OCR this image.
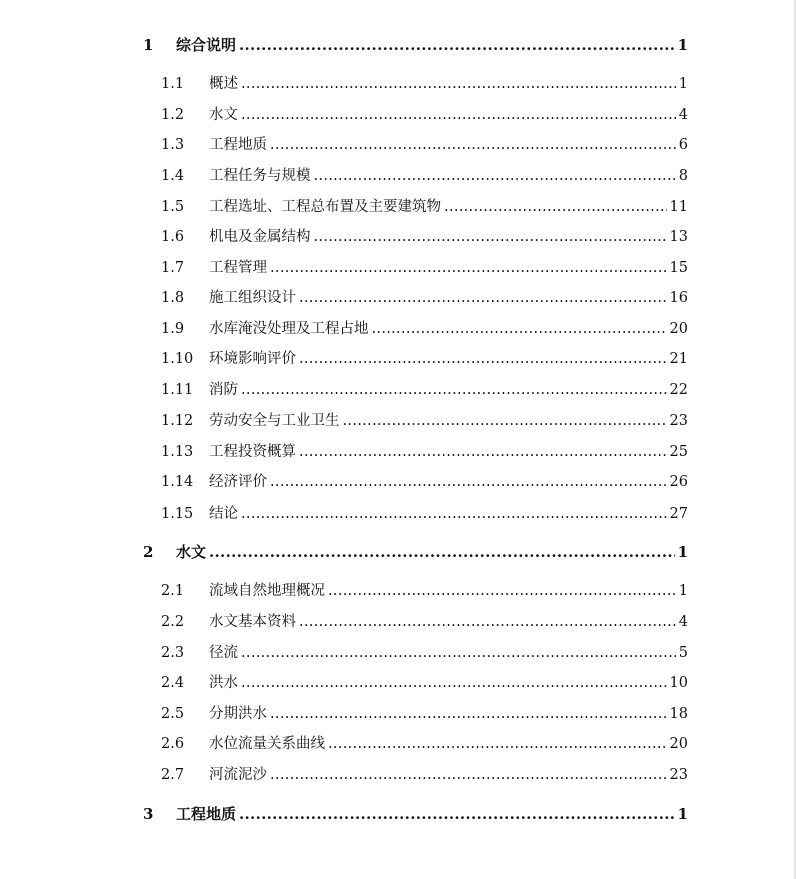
1	综合说明 .....	1
1.1	概述 .....	1
1.2	水文 .....	4
1.3	工程地质 .....	6
1.4	工程任务与规模 .....	8
1.5	工程选址、工程总布置及主要建筑物 .....	11
1.6	机电及金属结构 .....	13
1.7	工程管理 .....	15
1.8	施工组织设计 .....	16
1.9	水库淹没处理及工程占地 .....	20
1.10	环境影响评价 .....	21
1.11	消防 .....	22
1.12	劳动安全与工业卫生 .....	23
1.13	工程投资概算 .....	25
1.14	经济评价 .....	26
1.15	结论 .....	27
2	水文 .....	1
2.1	流域自然地理概况 .....	1
2.2	水文基本资料 .....	4
2.3	径流 .....	5
2.4	洪水 .....	10
2.5	分期洪水 .....	18
2.6	水位流量关系曲线 .....	20
2.7	河流泥沙 .....	23
3	工程地质 .....	1
